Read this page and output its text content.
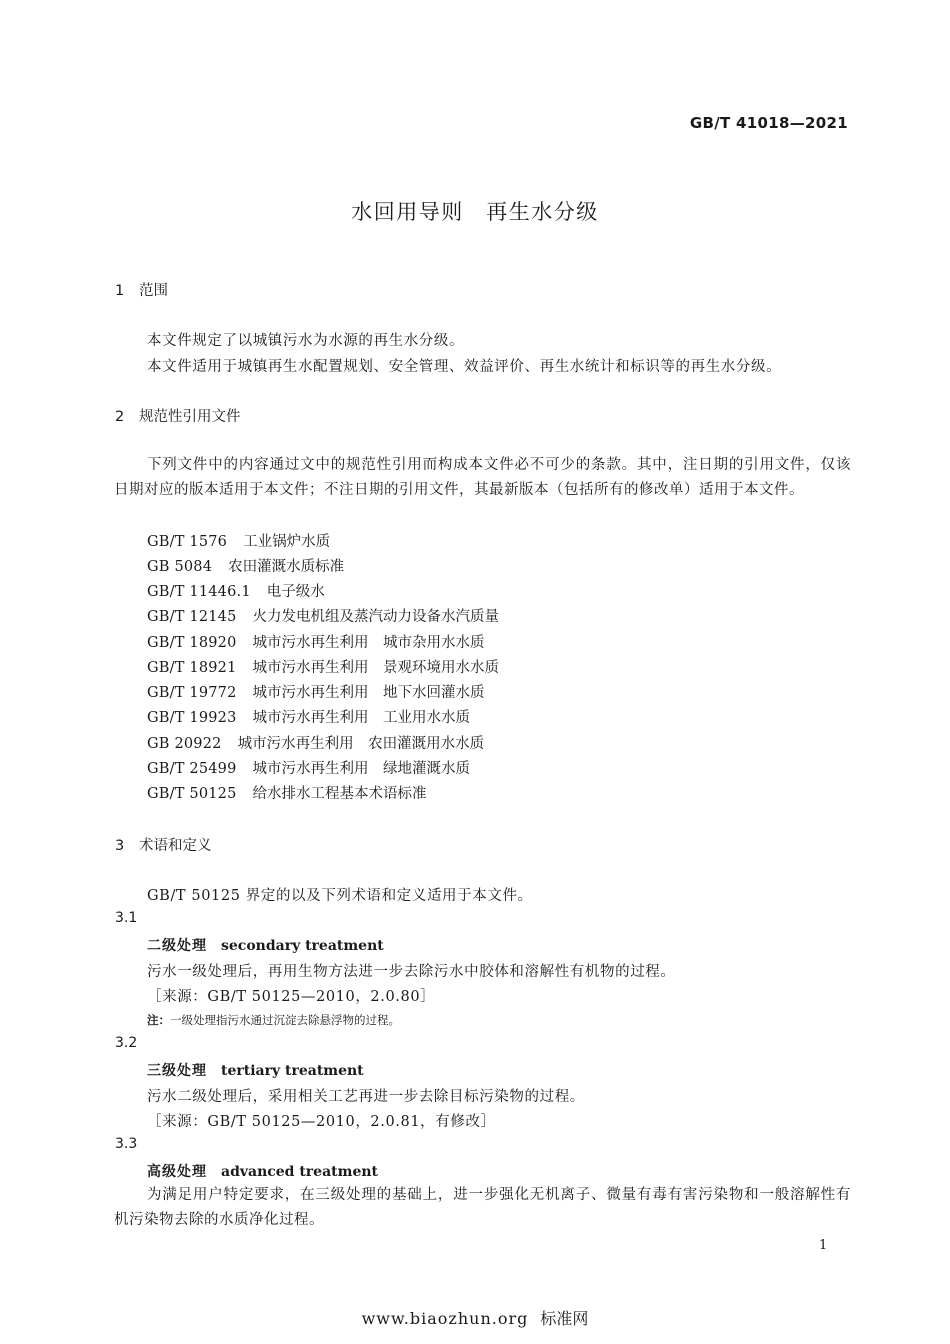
GB/T 41018—2021
水回用导则　再生水分级
1 范围
本文件规定了以城镇污水为水源的再生水分级。
本文件适用于城镇再生水配置规划、安全管理、效益评价、再生水统计和标识等的再生水分级。
2 规范性引用文件
下列文件中的内容通过文中的规范性引用而构成本文件必不可少的条款。其中，注日期的引用文件，仅该日期对应的版本适用于本文件；不注日期的引用文件，其最新版本（包括所有的修改单）适用于本文件。
GB/T 1576 工业锅炉水质
GB 5084 农田灌溉水质标准
GB/T 11446.1 电子级水
GB/T 12145 火力发电机组及蒸汽动力设备水汽质量
GB/T 18920 城市污水再生利用　城市杂用水水质
GB/T 18921 城市污水再生利用　景观环境用水水质
GB/T 19772 城市污水再生利用　地下水回灌水质
GB/T 19923 城市污水再生利用　工业用水水质
GB 20922 城市污水再生利用　农田灌溉用水水质
GB/T 25499 城市污水再生利用　绿地灌溉水质
GB/T 50125 给水排水工程基本术语标准
3 术语和定义
GB/T 50125 界定的以及下列术语和定义适用于本文件。
3.1
二级处理 secondary treatment
污水一级处理后，再用生物方法进一步去除污水中胶体和溶解性有机物的过程。
［来源：GB/T 50125—2010，2.0.80］
注：一级处理指污水通过沉淀去除悬浮物的过程。
3.2
三级处理 tertiary treatment
污水二级处理后，采用相关工艺再进一步去除目标污染物的过程。
［来源：GB/T 50125—2010，2.0.81，有修改］
3.3
高级处理 advanced treatment
为满足用户特定要求，在三级处理的基础上，进一步强化无机离子、微量有毒有害污染物和一般溶解性有机污染物去除的水质净化过程。
1
www.biaozhun.org 标准网
